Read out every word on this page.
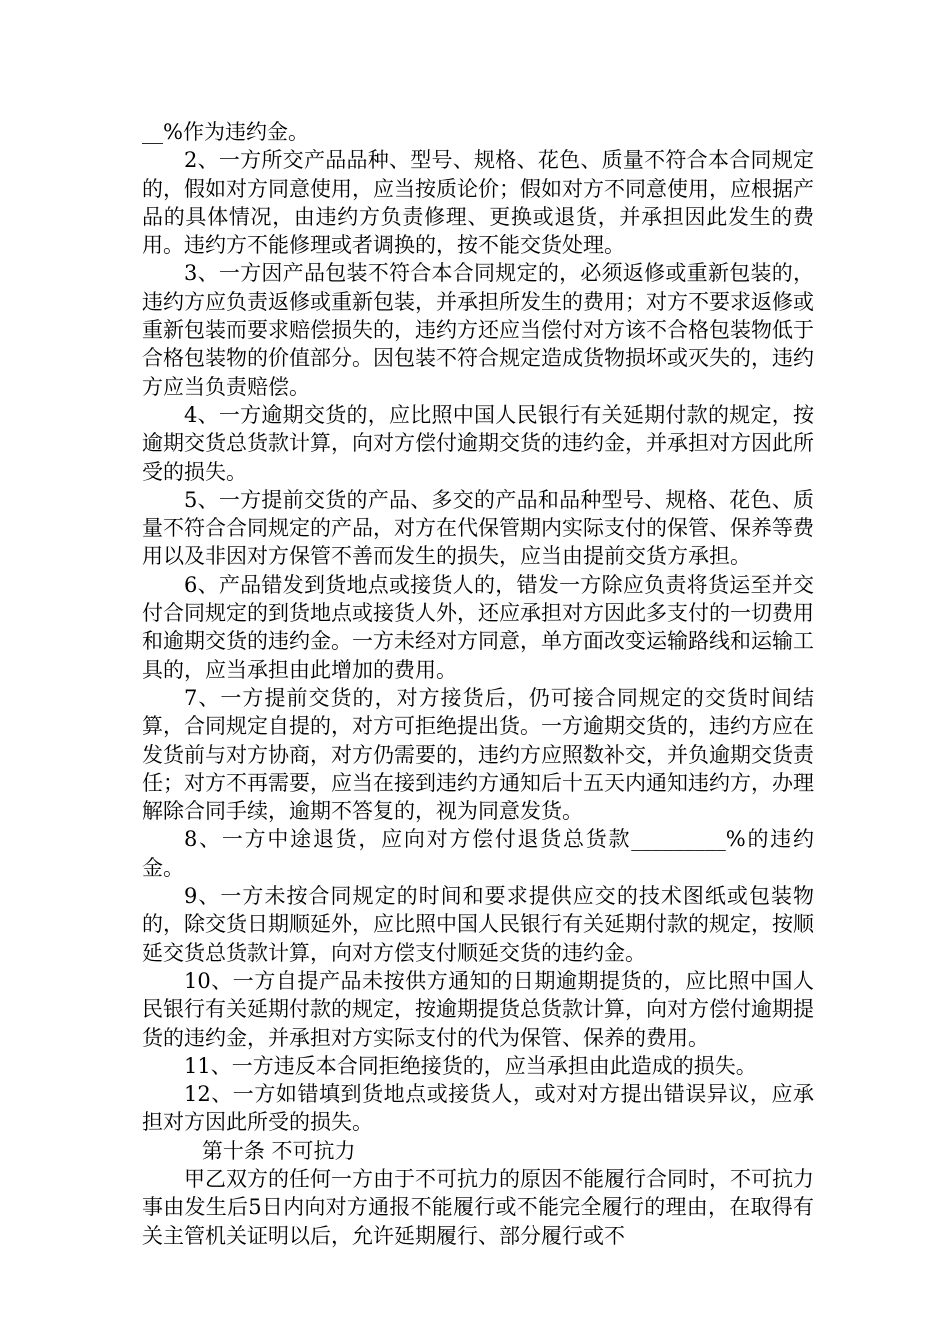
__%作为违约金。

2、一方所交产品品种、型号、规格、花色、质量不符合本合同规定的，假如对方同意使用，应当按质论价；假如对方不同意使用，应根据产品的具体情况，由违约方负责修理、更换或退货，并承担因此发生的费用。违约方不能修理或者调换的，按不能交货处理。

3、一方因产品包装不符合本合同规定的，必须返修或重新包装的，违约方应负责返修或重新包装，并承担所发生的费用；对方不要求返修或重新包装而要求赔偿损失的，违约方还应当偿付对方该不合格包装物低于合格包装物的价值部分。因包装不符合规定造成货物损坏或灭失的，违约方应当负责赔偿。

4、一方逾期交货的，应比照中国人民银行有关延期付款的规定，按逾期交货总货款计算，向对方偿付逾期交货的违约金，并承担对方因此所受的损失。

5、一方提前交货的产品、多交的产品和品种型号、规格、花色、质量不符合合同规定的产品，对方在代保管期内实际支付的保管、保养等费用以及非因对方保管不善而发生的损失，应当由提前交货方承担。

6、产品错发到货地点或接货人的，错发一方除应负责将货运至并交付合同规定的到货地点或接货人外，还应承担对方因此多支付的一切费用和逾期交货的违约金。一方未经对方同意，单方面改变运输路线和运输工具的，应当承担由此增加的费用。

7、一方提前交货的，对方接货后，仍可接合同规定的交货时间结算，合同规定自提的，对方可拒绝提出货。一方逾期交货的，违约方应在发货前与对方协商，对方仍需要的，违约方应照数补交，并负逾期交货责任；对方不再需要，应当在接到违约方通知后十五天内通知违约方，办理解除合同手续，逾期不答复的，视为同意发货。

8、一方中途退货，应向对方偿付退货总货款_________%的违约金。

9、一方未按合同规定的时间和要求提供应交的技术图纸或包装物的，除交货日期顺延外，应比照中国人民银行有关延期付款的规定，按顺延交货总货款计算，向对方偿支付顺延交货的违约金。

10、一方自提产品未按供方通知的日期逾期提货的，应比照中国人民银行有关延期付款的规定，按逾期提货总货款计算，向对方偿付逾期提货的违约金，并承担对方实际支付的代为保管、保养的费用。

11、一方违反本合同拒绝接货的，应当承担由此造成的损失。

12、一方如错填到货地点或接货人，或对对方提出错误异议，应承担对方因此所受的损失。

第十条 不可抗力

甲乙双方的任何一方由于不可抗力的原因不能履行合同时，不可抗力事由发生后5日内向对方通报不能履行或不能完全履行的理由，在取得有关主管机关证明以后，允许延期履行、部分履行或不
